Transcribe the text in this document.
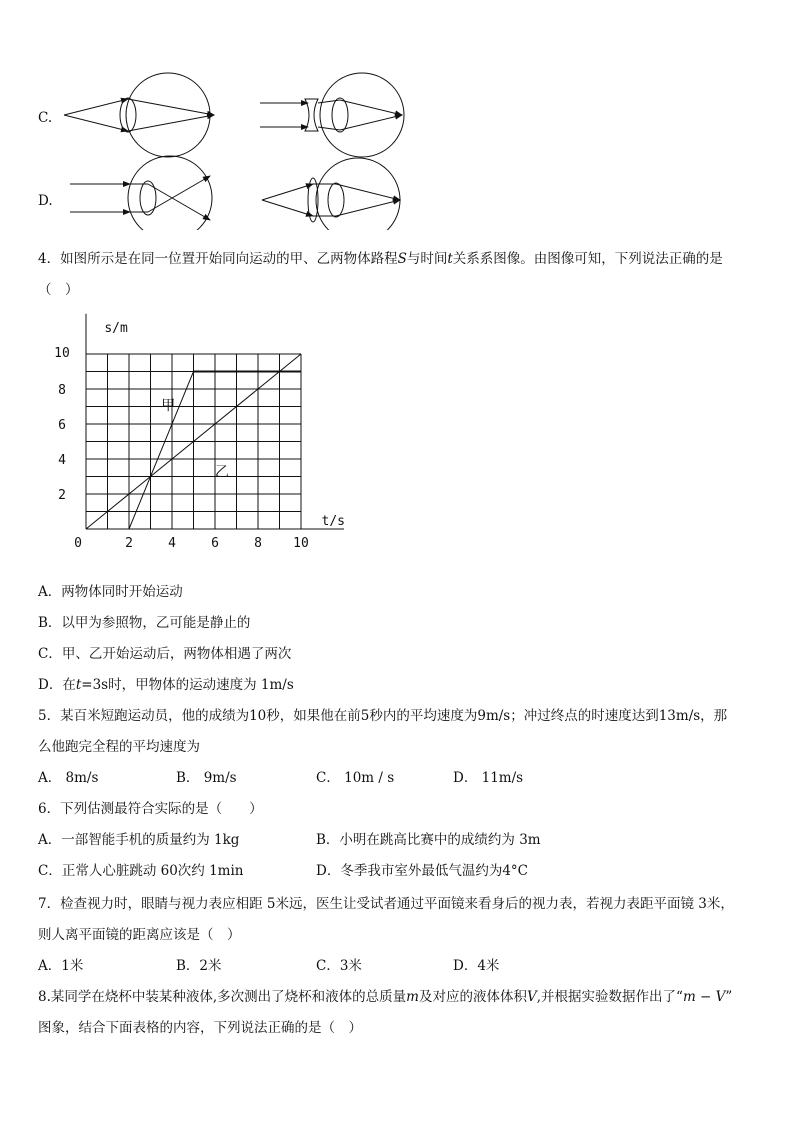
C.
D.
4．如图所示是在同一位置开始同向运动的甲、乙两物体路程S与时间t关系系图像。由图像可知，下列说法正确的是
（　）
t/s
s/m
0	2	4	6	8 10
2
4
6
8
10
甲
乙
A．两物体同时开始运动
B．以甲为参照物，乙可能是静止的
C．甲、乙开始运动后，两物体相遇了两次
D．在t=3s时，甲物体的运动速度为 1m/s
5．某百米短跑运动员，他的成绩为10秒，如果他在前5秒内的平均速度为9m/s；冲过终点的时速度达到13m/s，那
么他跑完全程的平均速度为
A． 8m/s	B． 9m/s	C． 10m / s	D． 11m/s
6．下列估测最符合实际的是（　　）
A．一部智能手机的质量约为 1kg	B．小明在跳高比赛中的成绩约为 3m
C．正常人心脏跳动 60次约 1min	D．冬季我市室外最低气温约为4°C
7．检查视力时，眼睛与视力表应相距 5米远，医生让受试者通过平面镜来看身后的视力表，若视力表距平面镜 3米，
则人离平面镜的距离应该是（　）
A．1米	B．2米	C．3米	D．4米
8.某同学在烧杯中装某种液体,多次测出了烧杯和液体的总质量m及对应的液体体积V,并根据实验数据作出了“m − V”
图象，结合下面表格的内容，下列说法正确的是（　）
